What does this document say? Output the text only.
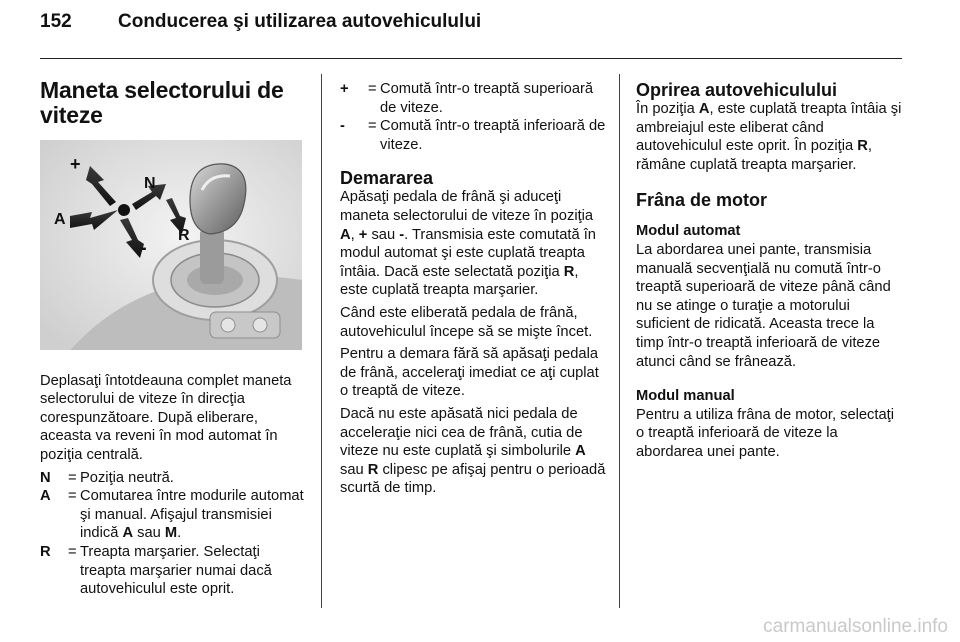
152 Conducerea şi utilizarea autovehiculului
Maneta selectorului de viteze
+
-
N
A
R

Deplasaţi întotdeauna complet maneta selectorului de viteze în direcţia corespunzătoare. După eliberare, aceasta va reveni în mod automat în poziţia centrală.

N	= Poziţia neutră.
A	= Comutarea între modurile automat şi manual. Afişajul transmisiei indică A sau M.
R	= Treapta marşarier. Selectaţi treapta marşarier numai dacă autovehiculul este oprit.
+	= Comută într-o treaptă superioară de viteze.
-	= Comută într-o treaptă inferioară de viteze.
Demararea

Apăsaţi pedala de frână şi aduceţi maneta selectorului de viteze în poziţia A, + sau -. Transmisia este comutată în modul automat şi este cuplată treapta întâia. Dacă este selectată poziţia R, este cuplată treapta marşarier.

Când este eliberată pedala de frână, autovehiculul începe să se mişte încet.

Pentru a demara fără să apăsaţi pedala de frână, acceleraţi imediat ce aţi cuplat o treaptă de viteze.

Dacă nu este apăsată nici pedala de acceleraţie nici cea de frână, cutia de viteze nu este cuplată şi simbolurile A sau R clipesc pe afişaj pentru o perioadă scurtă de timp.

Oprirea autovehiculului

În poziţia A, este cuplată treapta întâia şi ambreiajul este eliberat când autovehiculul este oprit. În poziţia R, rămâne cuplată treapta marşarier.

Frâna de motor
Modul automat

La abordarea unei pante, transmisia manuală secvenţială nu comută într-o treaptă superioară de viteze până când nu se atinge o turaţie a motorului suficient de ridicată. Aceasta trece la timp într-o treaptă inferioară de viteze atunci când se frânează.

Modul manual

Pentru a utiliza frâna de motor, selectaţi o treaptă inferioară de viteze la abordarea unei pante.

carmanualsonline.info
